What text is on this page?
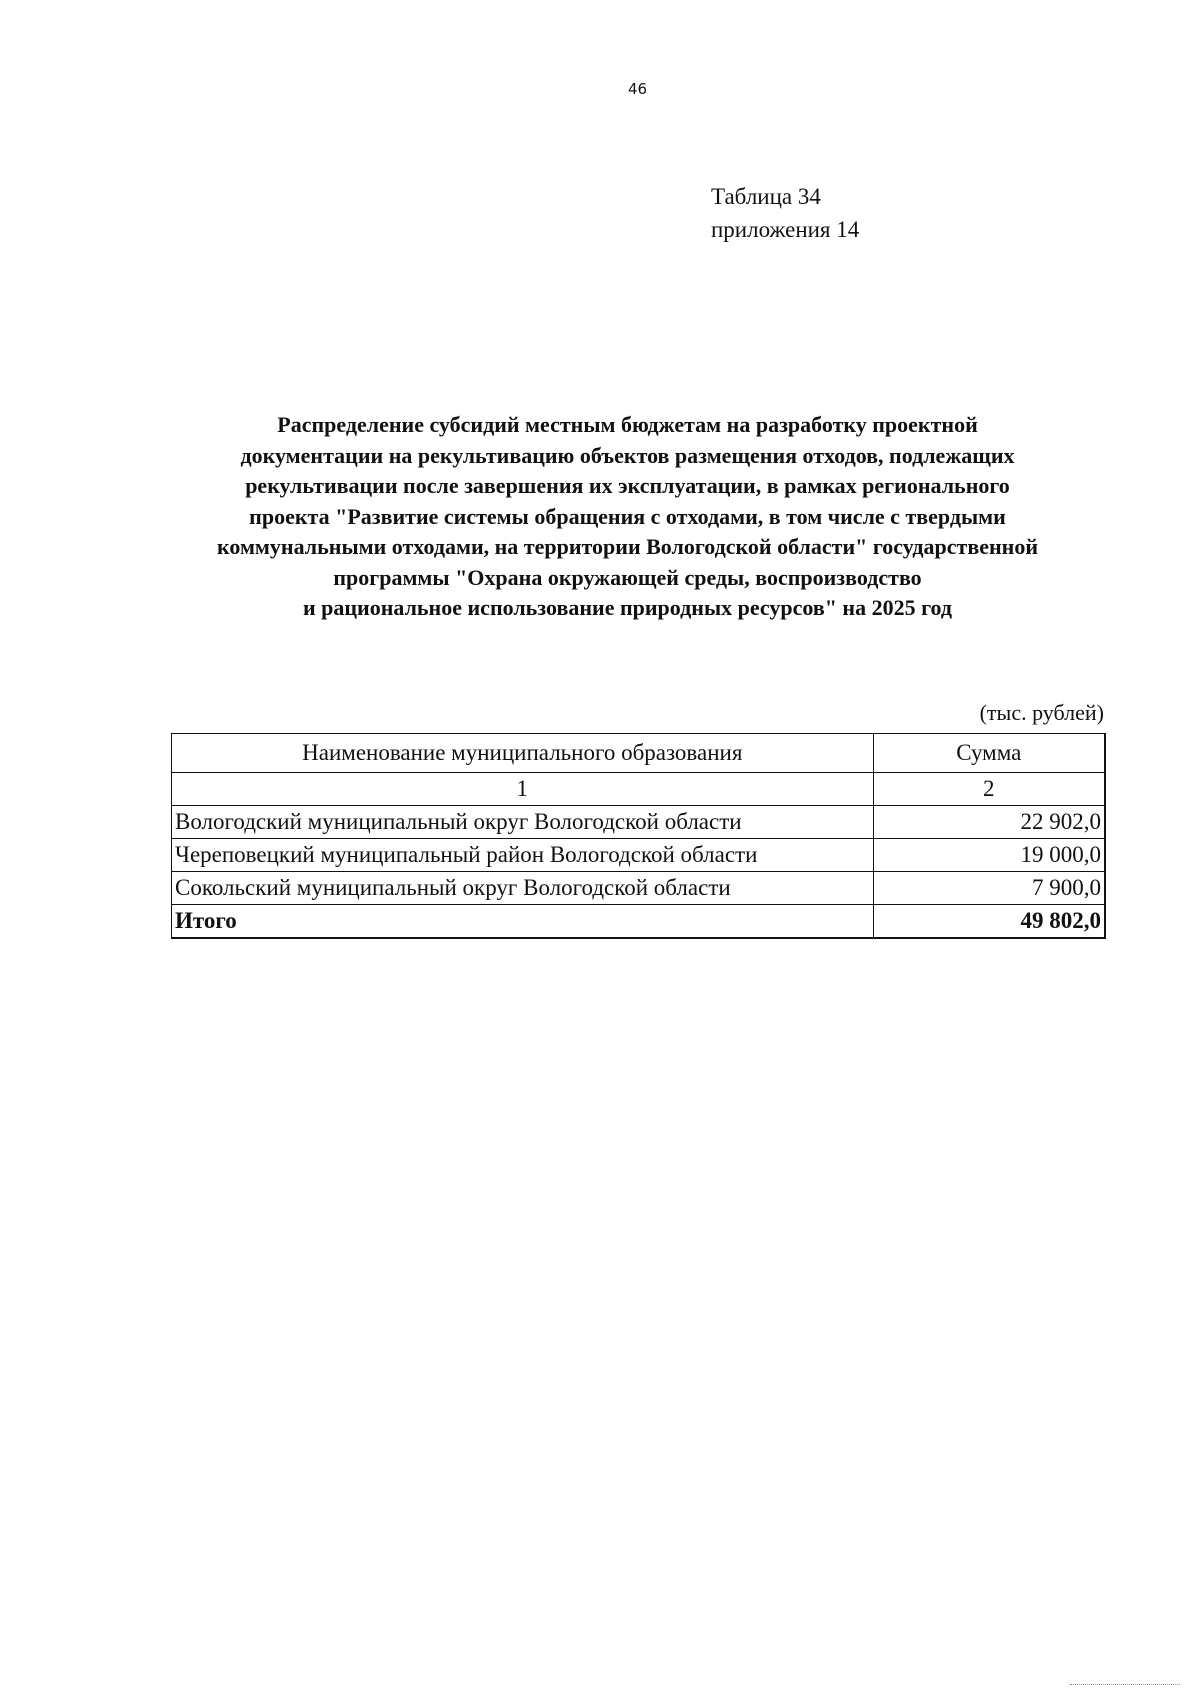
46
Таблица 34
приложения 14
Распределение субсидий местным бюджетам на разработку проектной
документации на рекультивацию объектов размещения отходов, подлежащих
рекультивации после завершения их эксплуатации, в рамках регионального
проекта "Развитие системы обращения с отходами, в том числе с твердыми
коммунальными отходами, на территории Вологодской области" государственной
программы "Охрана окружающей среды, воспроизводство
и рациональное использование природных ресурсов" на 2025 год
(тыс. рублей)
Наименование муниципального образования	Сумма
1	2
Вологодский муниципальный округ Вологодской области	22 902,0
Череповецкий муниципальный район Вологодской области	19 000,0
Сокольский муниципальный округ Вологодской области	7 900,0
Итого	49 802,0
